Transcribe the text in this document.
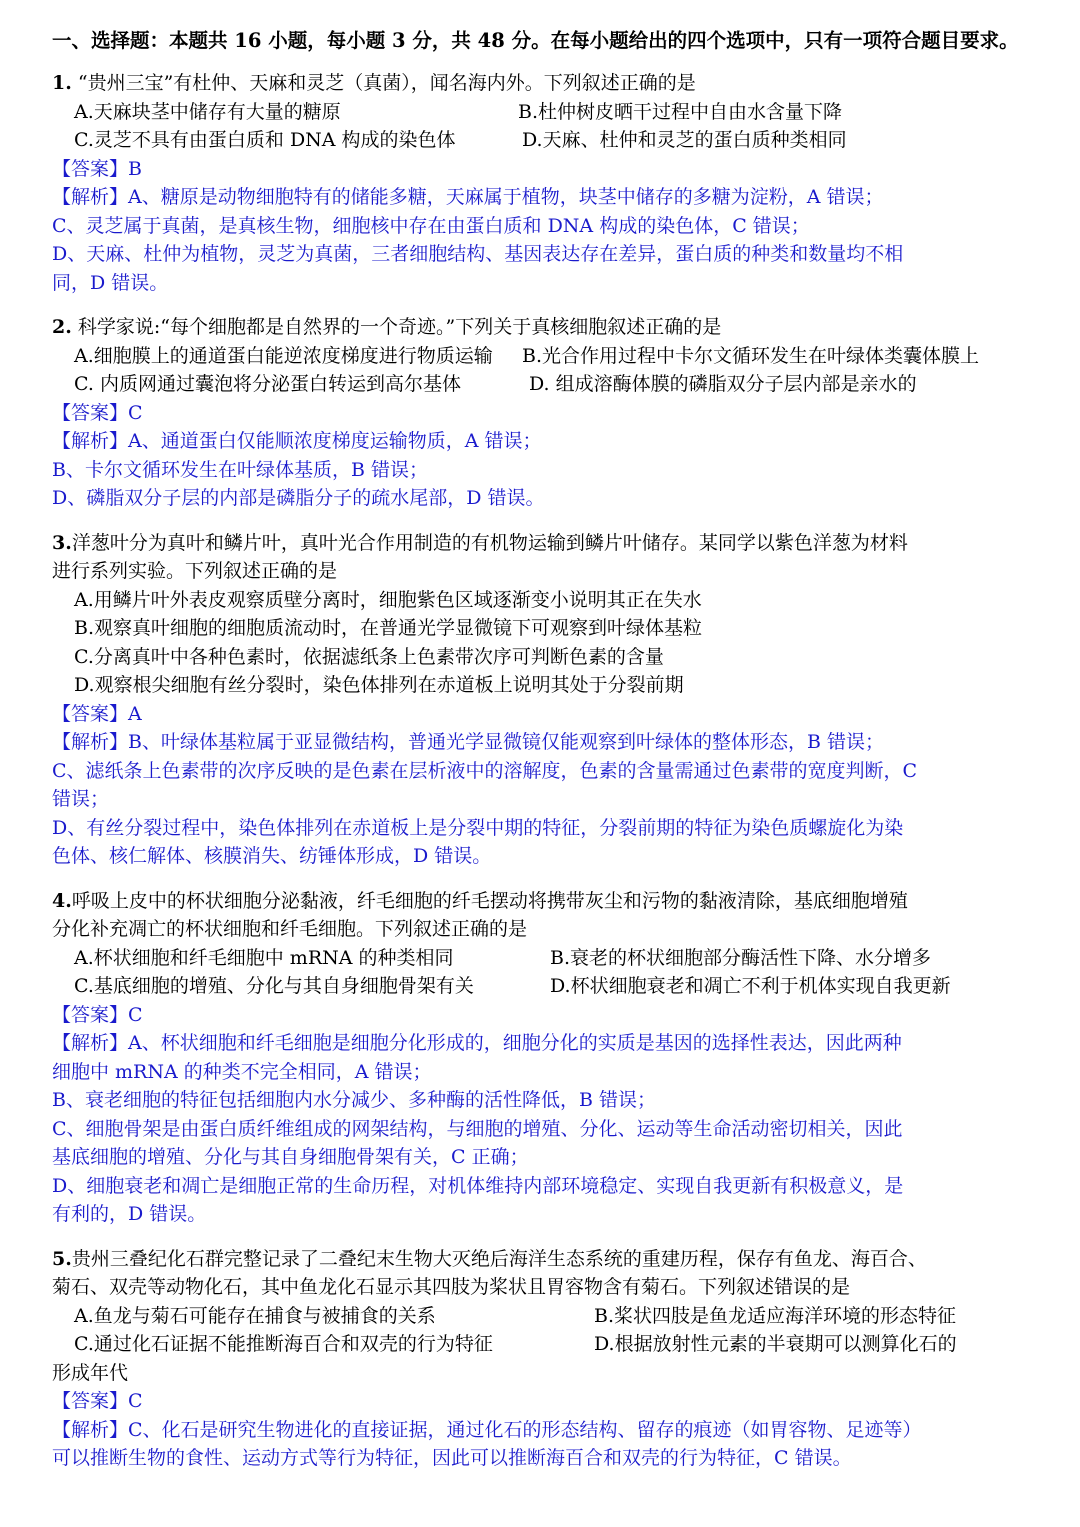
一、选择题：本题共 16 小题，每小题 3 分，共 48 分。在每小题给出的四个选项中，只有一项符合题目要求。
1. “贵州三宝”有杜仲、天麻和灵芝（真菌），闻名海内外。下列叙述正确的是
A.天麻块茎中储存有大量的糖原	B.杜仲树皮晒干过程中自由水含量下降
C.灵芝不具有由蛋白质和 DNA 构成的染色体	D.天麻、杜仲和灵芝的蛋白质种类相同
【答案】B
【解析】A、糖原是动物细胞特有的储能多糖，天麻属于植物，块茎中储存的多糖为淀粉，A 错误；
C、灵芝属于真菌，是真核生物，细胞核中存在由蛋白质和 DNA 构成的染色体，C 错误；
D、天麻、杜仲为植物，灵芝为真菌，三者细胞结构、基因表达存在差异，蛋白质的种类和数量均不相
同，D 错误。
2. 科学家说:“每个细胞都是自然界的一个奇迹。”下列关于真核细胞叙述正确的是
A.细胞膜上的通道蛋白能逆浓度梯度进行物质运输 B.光合作用过程中卡尔文循环发生在叶绿体类囊体膜上
C. 内质网通过囊泡将分泌蛋白转运到高尔基体	D. 组成溶酶体膜的磷脂双分子层内部是亲水的
【答案】C
【解析】A、通道蛋白仅能顺浓度梯度运输物质，A 错误；
B、卡尔文循环发生在叶绿体基质，B 错误；
D、磷脂双分子层的内部是磷脂分子的疏水尾部，D 错误。
3.洋葱叶分为真叶和鳞片叶，真叶光合作用制造的有机物运输到鳞片叶储存。某同学以紫色洋葱为材料
进行系列实验。下列叙述正确的是
A.用鳞片叶外表皮观察质壁分离时，细胞紫色区域逐渐变小说明其正在失水
B.观察真叶细胞的细胞质流动时，在普通光学显微镜下可观察到叶绿体基粒
C.分离真叶中各种色素时，依据滤纸条上色素带次序可判断色素的含量
D.观察根尖细胞有丝分裂时，染色体排列在赤道板上说明其处于分裂前期
【答案】A
【解析】B、叶绿体基粒属于亚显微结构，普通光学显微镜仅能观察到叶绿体的整体形态，B 错误；
C、滤纸条上色素带的次序反映的是色素在层析液中的溶解度，色素的含量需通过色素带的宽度判断，C
错误；
D、有丝分裂过程中，染色体排列在赤道板上是分裂中期的特征，分裂前期的特征为染色质螺旋化为染
色体、核仁解体、核膜消失、纺锤体形成，D 错误。
4.呼吸上皮中的杯状细胞分泌黏液，纤毛细胞的纤毛摆动将携带灰尘和污物的黏液清除，基底细胞增殖
分化补充凋亡的杯状细胞和纤毛细胞。下列叙述正确的是
A.杯状细胞和纤毛细胞中 mRNA 的种类相同	B.衰老的杯状细胞部分酶活性下降、水分增多
C.基底细胞的增殖、分化与其自身细胞骨架有关	D.杯状细胞衰老和凋亡不利于机体实现自我更新
【答案】C
【解析】A、杯状细胞和纤毛细胞是细胞分化形成的，细胞分化的实质是基因的选择性表达，因此两种
细胞中 mRNA 的种类不完全相同，A 错误；
B、衰老细胞的特征包括细胞内水分减少、多种酶的活性降低，B 错误；
C、细胞骨架是由蛋白质纤维组成的网架结构，与细胞的增殖、分化、运动等生命活动密切相关，因此
基底细胞的增殖、分化与其自身细胞骨架有关，C 正确；
D、细胞衰老和凋亡是细胞正常的生命历程，对机体维持内部环境稳定、实现自我更新有积极意义，是
有利的，D 错误。
5.贵州三叠纪化石群完整记录了二叠纪末生物大灭绝后海洋生态系统的重建历程，保存有鱼龙、海百合、
菊石、双壳等动物化石，其中鱼龙化石显示其四肢为桨状且胃容物含有菊石。下列叙述错误的是
A.鱼龙与菊石可能存在捕食与被捕食的关系	B.桨状四肢是鱼龙适应海洋环境的形态特征
C.通过化石证据不能推断海百合和双壳的行为特征	D.根据放射性元素的半衰期可以测算化石的
形成年代
【答案】C
【解析】C、化石是研究生物进化的直接证据，通过化石的形态结构、留存的痕迹（如胃容物、足迹等）
可以推断生物的食性、运动方式等行为特征，因此可以推断海百合和双壳的行为特征，C 错误。
